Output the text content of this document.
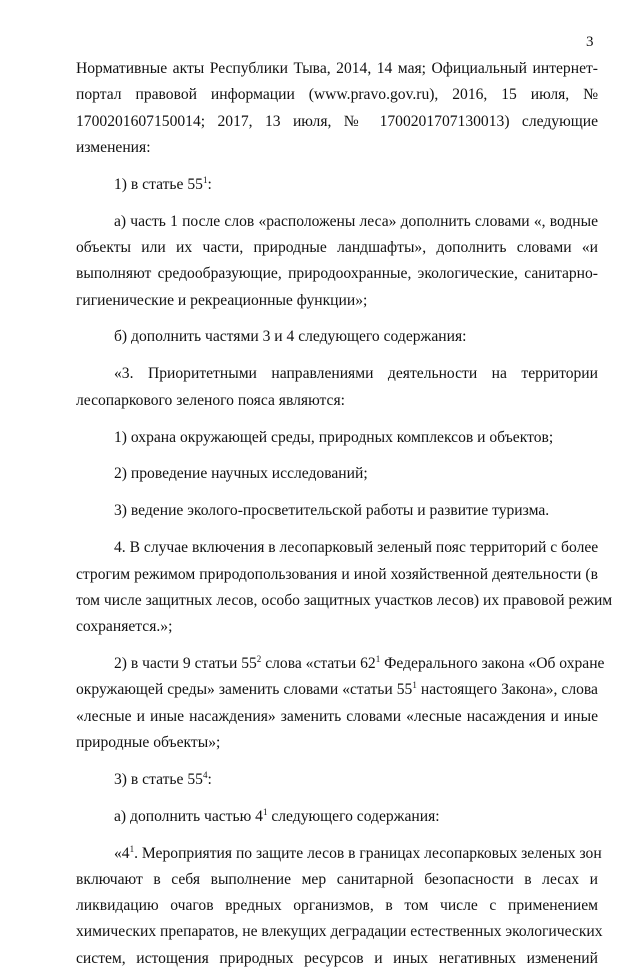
3
Нормативные акты Республики Тыва, 2014, 14 мая; Официальный интернет-
портал правовой информации (www.pravo.gov.ru), 2016, 15 июля, №
1700201607150014; 2017, 13 июля, № 1700201707130013) следующие
изменения:
1) в статье $55^1$:
а) часть 1 после слов «расположены леса» дополнить словами «, водные
объекты или их части, природные ландшафты», дополнить словами «и
выполняют средообразующие, природоохранные, экологические, санитарно-
гигиенические и рекреационные функции»;
б) дополнить частями 3 и 4 следующего содержания:
«3. Приоритетными направлениями деятельности на территории
лесопаркового зеленого пояса являются:
1) охрана окружающей среды, природных комплексов и объектов;
2) проведение научных исследований;
3) ведение эколого-просветительской работы и развитие туризма.
4. В случае включения в лесопарковый зеленый пояс территорий с более
строгим режимом природопользования и иной хозяйственной деятельности (в
том числе защитных лесов, особо защитных участков лесов) их правовой режим
сохраняется.»;
2) в части 9 статьи $55^2$ слова «статьи $62^1$ Федерального закона «Об охране
окружающей среды» заменить словами «статьи $55^1$ настоящего Закона», слова
«лесные и иные насаждения» заменить словами «лесные насаждения и иные
природные объекты»;
3) в статье $55^4$:
а) дополнить частью $4^1$ следующего содержания:
«$4^1$. Мероприятия по защите лесов в границах лесопарковых зеленых зон
включают в себя выполнение мер санитарной безопасности в лесах и
ликвидацию очагов вредных организмов, в том числе с применением
химических препаратов, не влекущих деградации естественных экологических
систем, истощения природных ресурсов и иных негативных изменений
